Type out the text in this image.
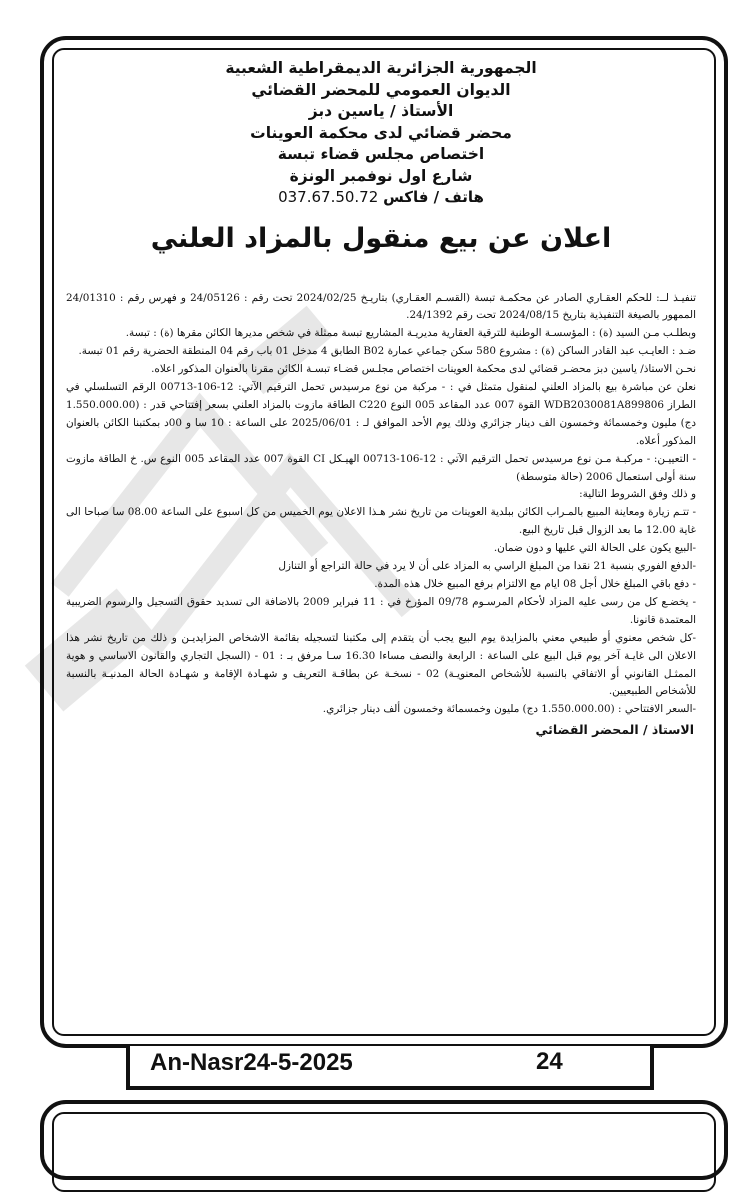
الجمهورية الجزائرية الديمقراطية الشعبية

الديوان العمومي للمحضر القضائي

الأستاذ / ياسين دبز

محضر قضائي لدى محكمة العوينات

اختصاص مجلس قضاء تبسة

شارع اول نوفمبر الونزة

هاتف / فاكس 037.67.50.72

اعلان عن بيع منقول بالمزاد العلني

تنفيـذ لــ: للحكم العقـاري الصادر عن محكمـة تبسة (القسـم العقـاري) بتاريـخ 2024/02/25 تحت رقم : 24/05126 و فهرس رقم : 24/01310 الممهور بالصيغة التنفيذية بتاريخ 2024/08/15 تحت رقم 24/1392.

وبطلـب مـن السيد (ة) : المؤسسـة الوطنية للترقية العقارية مديريـة المشاريع تبسة ممثلة في شخص مديرها الكائن مقرها (ة) : تبسة.

ضـد : العايـب عبد القادر الساكن (ة) : مشروع 580 سكن جماعي عمارة B02 الطابق 4 مدخل 01 باب رقم 04 المنطقة الحضرية رقم 01 تبسة.

نحـن الاستاذ/ ياسين دبز محضـر قضائي لدى محكمة العوينات اختصاص مجلـس قضـاء تبسـة الكائن مقرنا بالعنوان المذكور اعلاه.

نعلن عن مباشرة بيع بالمزاد العلني لمنقول متمثل في : - مركبة من نوع مرسيدس تحمل الترقيم الآتي: 12-106-00713 الرقم التسلسلي في الطراز WDB2030081A899806 القوة 007 عدد المقاعد 005 النوع C220 الطاقة مازوت بالمزاد العلني بسعر إفتتاحي قدر : (1.550.000.00 دج) مليون وخمسمائة وخمسون الف دينار جزائري وذلك يوم الأحد الموافق لـ : 2025/06/01 على الساعة : 10 سا و 00د بمكتبنا الكائن بالعنوان المذكور أعلاه.

- التعييـن: - مركبـة مـن نوع مرسيدس تحمل الترقيم الآتي : 12-106-00713 الهيـكل CI القوة 007 عدد المقاعد 005 النوع س. خ الطاقة مازوت سنة أولى استعمال 2006 (حالة متوسطة)

و ذلك وفق الشروط التالية:

- تتـم زيارة ومعاينة المبيع بالمـراب الكائن ببلدية العوينات من تاريخ نشر هـذا الاعلان يوم الخميس من كل اسبوع على الساعة 08.00 سا صباحا الى غاية 12.00 ما بعد الزوال قبل تاريخ البيع.

-البيع يكون على الحالة التي عليها و دون ضمان.

-الدفع الفوري بنسبة 21 نقدا من المبلغ الراسي به المزاد على أن لا يرد في حالة التراجع أو التنازل

- دفع باقي المبلغ خلال أجل 08 ايام مع الالتزام برفع المبيع خلال هذه المدة.

- يخضـع كل من رسى عليه المزاد لأحكام المرسـوم 09/78 المؤرخ في : 11 فبراير 2009 بالاضافة الى تسديد حقوق التسجيل والرسوم الضريبية المعتمدة قانونا.

-كل شخص معنوي أو طبيعي معني بالمزايدة يوم البيع يجب أن يتقدم إلى مكتبنا لتسجيله بقائمة الاشخاص المزايديـن و ذلك من تاريخ نشر هذا الاعلان الى غايـة آخر يوم قبل البيع على الساعة : الرابعة والنصف مساءا 16.30 سـا مرفق بـ : 01 - (السجل التجاري والقانون الاساسي و هوية الممثـل القانوني أو الاتفاقي بالنسبة للأشخاص المعنويـة) 02 - نسخـة عن بطاقـة التعريف و شهـادة الإقامة و شهـادة الحالة المدنيـة بالنسبة للأشخاص الطبيعيين.

-السعر الافتتاحي : (1.550.000.00 دج) مليون وخمسمائة وخمسون ألف دينار جزائري.

الاستاذ / المحضر القضائي
An-Nasr24-5-2025	24
